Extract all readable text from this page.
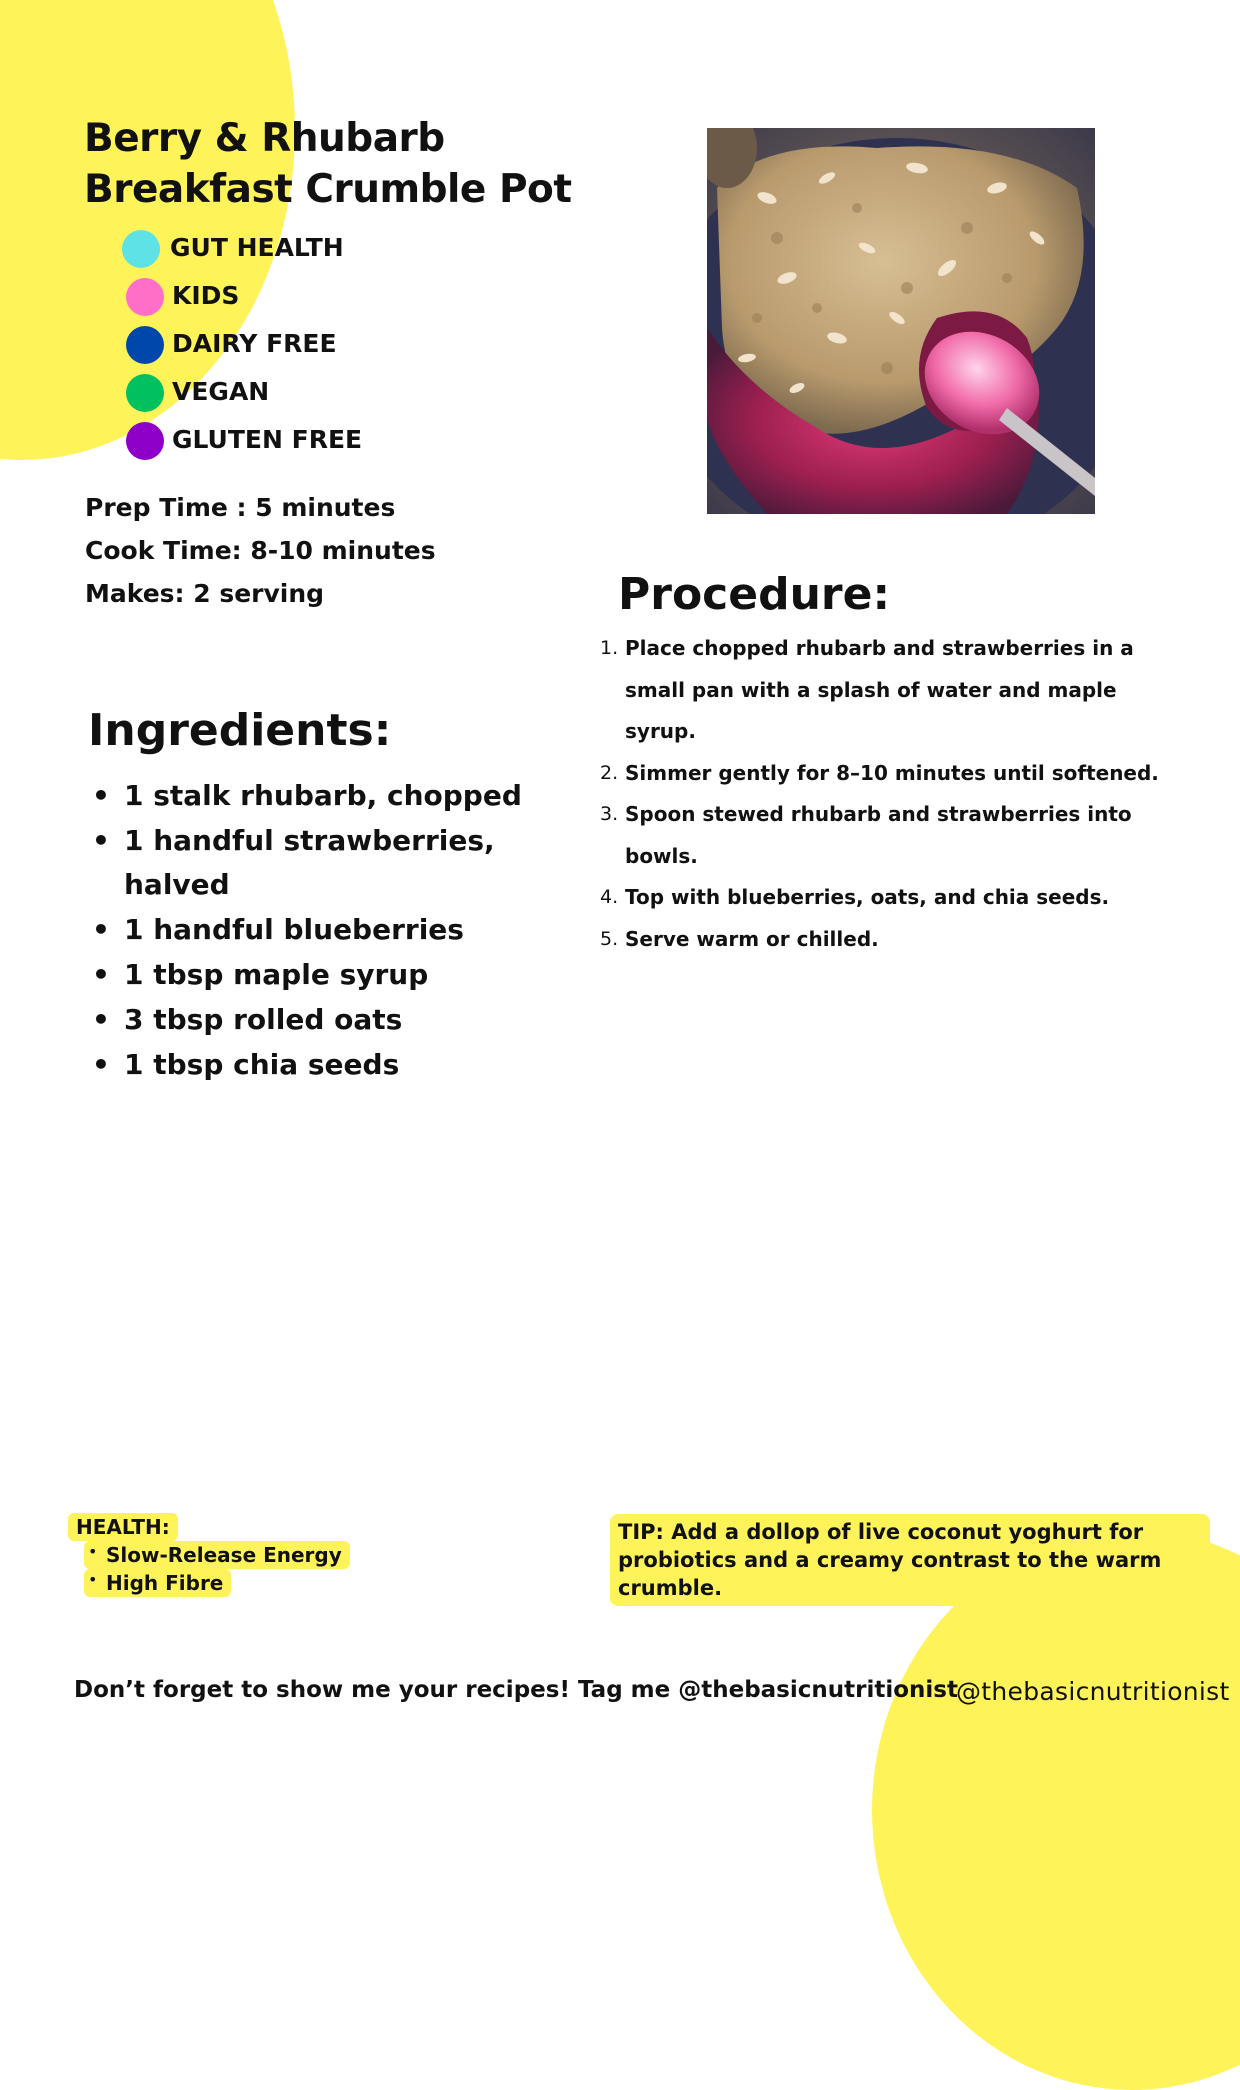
Berry & Rhubarb Breakfast Crumble Pot
GUT HEALTH
KIDS
DAIRY FREE
VEGAN
GLUTEN FREE
Prep Time : 5 minutes
Cook Time: 8-10 minutes
Makes: 2 serving
Ingredients:
• 1 stalk rhubarb, chopped
• 1 handful strawberries, halved
• 1 handful blueberries
• 1 tbsp maple syrup
• 3 tbsp rolled oats
• 1 tbsp chia seeds
Procedure:
1. Place chopped rhubarb and strawberries in a small pan with a splash of water and maple syrup.
2. Simmer gently for 8–10 minutes until softened.
3. Spoon stewed rhubarb and strawberries into bowls.
4. Top with blueberries, oats, and chia seeds.
5. Serve warm or chilled.
HEALTH:
Slow-Release Energy
•
High Fibre
•
TIP: Add a dollop of live coconut yoghurt for probiotics and a creamy contrast to the warm crumble.
Don’t forget to show me your recipes! Tag me @thebasicnutritionist
@thebasicnutritionist
